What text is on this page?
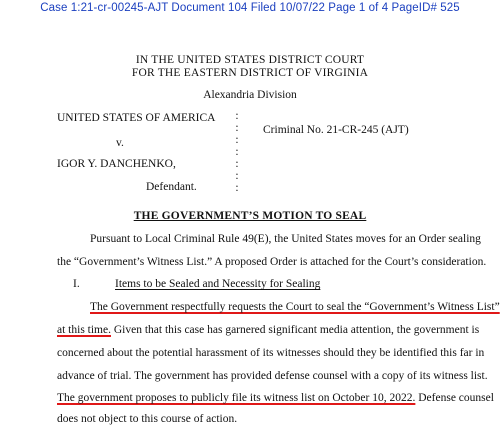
Case 1:21-cr-00245-AJT Document 104 Filed 10/07/22 Page 1 of 4 PageID# 525
IN THE UNITED STATES DISTRICT COURT
FOR THE EASTERN DISTRICT OF VIRGINIA
Alexandria Division
UNITED STATES OF AMERICA
v.
IGOR Y. DANCHENKO,
Defendant.
:
:
:
:
:
:
:
Criminal No. 21-CR-245 (AJT)
THE GOVERNMENT’S MOTION TO SEAL
Pursuant to Local Criminal Rule 49(E), the United States moves for an Order sealing
the “Government’s Witness List.” A proposed Order is attached for the Court’s consideration.
I.	Items to be Sealed and Necessity for Sealing
The Government respectfully requests the Court to seal the “Government’s Witness List”
at this time. Given that this case has garnered significant media attention, the government is
concerned about the potential harassment of its witnesses should they be identified this far in
advance of trial. The government has provided defense counsel with a copy of its witness list.
The government proposes to publicly file its witness list on October 10, 2022. Defense counsel
does not object to this course of action.
